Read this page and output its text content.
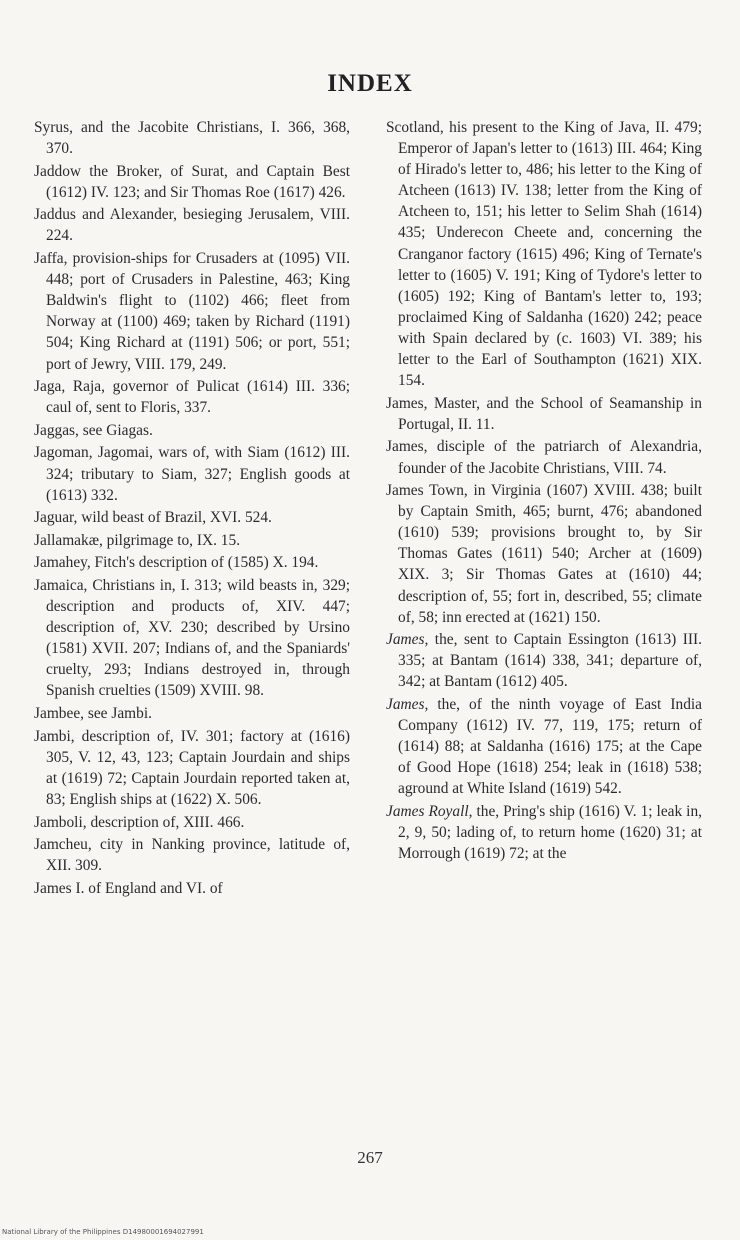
INDEX

Syrus, and the Jacobite Christians, I. 366, 368, 370.

Jaddow the Broker, of Surat, and Captain Best (1612) IV. 123; and Sir Thomas Roe (1617) 426.

Jaddus and Alexander, besieging Jerusalem, VIII. 224.

Jaffa, provision-ships for Crusaders at (1095) VII. 448; port of Crusaders in Palestine, 463; King Baldwin's flight to (1102) 466; fleet from Norway at (1100) 469; taken by Richard (1191) 504; King Richard at (1191) 506; or port, 551; port of Jewry, VIII. 179, 249.

Jaga, Raja, governor of Pulicat (1614) III. 336; caul of, sent to Floris, 337.

Jaggas, see Giagas.

Jagoman, Jagomai, wars of, with Siam (1612) III. 324; tributary to Siam, 327; English goods at (1613) 332.

Jaguar, wild beast of Brazil, XVI. 524.

Jallamakæ, pilgrimage to, IX. 15.

Jamahey, Fitch's description of (1585) X. 194.

Jamaica, Christians in, I. 313; wild beasts in, 329; description and products of, XIV. 447; description of, XV. 230; described by Ursino (1581) XVII. 207; Indians of, and the Spaniards' cruelty, 293; Indians destroyed in, through Spanish cruelties (1509) XVIII. 98.

Jambee, see Jambi.

Jambi, description of, IV. 301; factory at (1616) 305, V. 12, 43, 123; Captain Jourdain and ships at (1619) 72; Captain Jourdain reported taken at, 83; English ships at (1622) X. 506.

Jamboli, description of, XIII. 466.

Jamcheu, city in Nanking province, latitude of, XII. 309.

James I. of England and VI. of

Scotland, his present to the King of Java, II. 479; Emperor of Japan's letter to (1613) III. 464; King of Hirado's letter to, 486; his letter to the King of Atcheen (1613) IV. 138; letter from the King of Atcheen to, 151; his letter to Selim Shah (1614) 435; Underecon Cheete and, concerning the Cranganor factory (1615) 496; King of Ternate's letter to (1605) V. 191; King of Tydore's letter to (1605) 192; King of Bantam's letter to, 193; proclaimed King of Saldanha (1620) 242; peace with Spain declared by (c. 1603) VI. 389; his letter to the Earl of Southampton (1621) XIX. 154.

James, Master, and the School of Seamanship in Portugal, II. 11.

James, disciple of the patriarch of Alexandria, founder of the Jacobite Christians, VIII. 74.

James Town, in Virginia (1607) XVIII. 438; built by Captain Smith, 465; burnt, 476; abandoned (1610) 539; provisions brought to, by Sir Thomas Gates (1611) 540; Archer at (1609) XIX. 3; Sir Thomas Gates at (1610) 44; description of, 55; fort in, described, 55; climate of, 58; inn erected at (1621) 150.

James, the, sent to Captain Essington (1613) III. 335; at Bantam (1614) 338, 341; departure of, 342; at Bantam (1612) 405.

James, the, of the ninth voyage of East India Company (1612) IV. 77, 119, 175; return of (1614) 88; at Saldanha (1616) 175; at the Cape of Good Hope (1618) 254; leak in (1618) 538; aground at White Island (1619) 542.

James Royall, the, Pring's ship (1616) V. 1; leak in, 2, 9, 50; lading of, to return home (1620) 31; at Morrough (1619) 72; at the

267
National Library of the Philippines D14980001694027991
